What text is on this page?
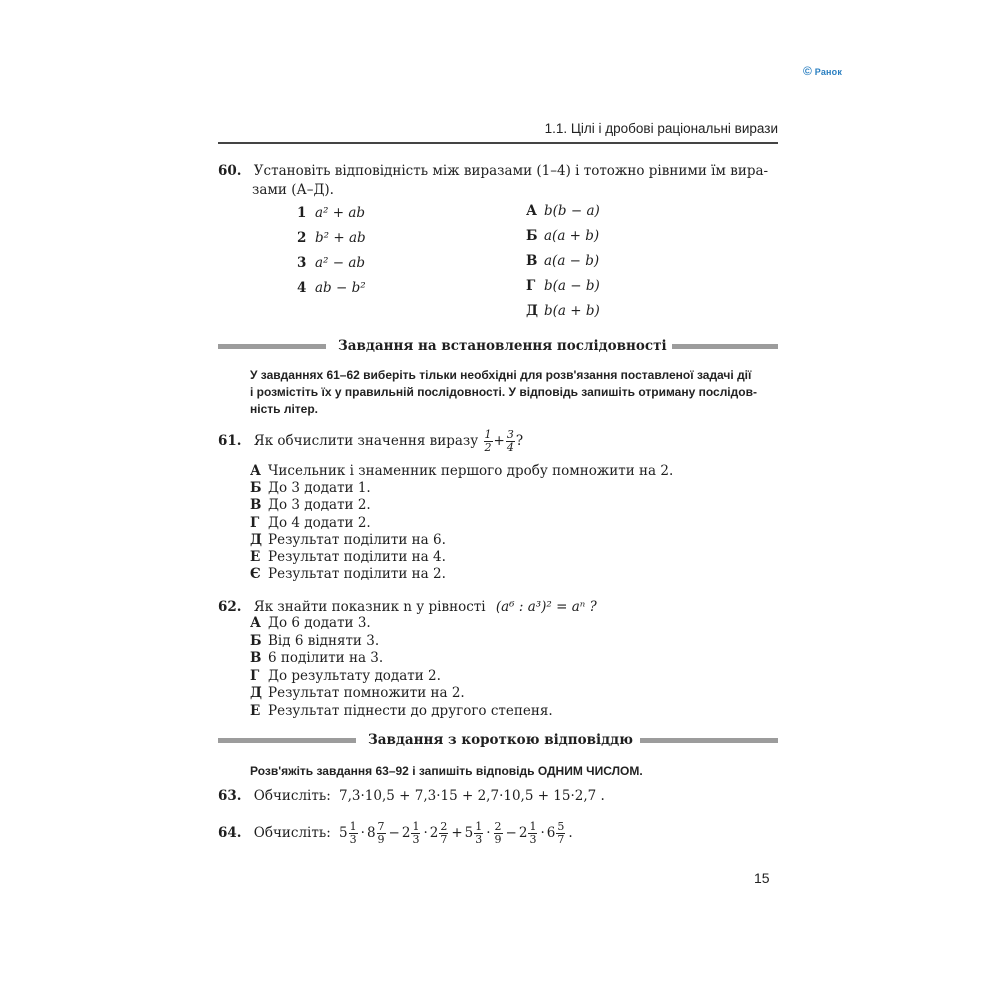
© Ранок
1.1. Цілі і дробові раціональні вирази
60. Установіть відповідність між виразами (1–4) і тотожно рівними їм вира-
зами (А–Д).
1 a² + ab
2 b² + ab
3 a² − ab
4 ab − b²
А b(b − a)
Б a(a + b)
В a(a − b)
Г b(a − b)
Д b(a + b)
Завдання на встановлення послідовності
У завданнях 61–62 виберіть тільки необхідні для розв'язання поставленої задачі дії
і розмістіть їх у правильній послідовності. У відповідь запишіть отриману послідов-
ність літер.
61. Як обчислити значення виразу $\frac{1}{2} + \frac{3}{4}$ ?
А Чисельник і знаменник першого дробу помножити на 2.
Б До 3 додати 1.
В До 3 додати 2.
Г До 4 додати 2.
Д Результат поділити на 6.
Е Результат поділити на 4.
Є Результат поділити на 2.
62. Як знайти показник n у рівності (a⁶ : a³)² = aⁿ ?
А До 6 додати 3.
Б Від 6 відняти 3.
В 6 поділити на 3.
Г До результату додати 2.
Д Результат помножити на 2.
Е Результат піднести до другого степеня.
Завдання з короткою відповіддю
Розв'яжіть завдання 63–92 і запишіть відповідь ОДНИМ ЧИСЛОМ.
63. Обчисліть: 7,3·10,5 + 7,3·15 + 2,7·10,5 + 15·2,7 .
64. Обчисліть: $5 \frac{1}{3} \cdot 8 \frac{7}{9} - 2 \frac{1}{3} \cdot 2 \frac{2}{7} + 5 \frac{1}{3} \cdot \frac{2}{9} - 2 \frac{1}{3} \cdot 6 \frac{5}{7}$ .
15
